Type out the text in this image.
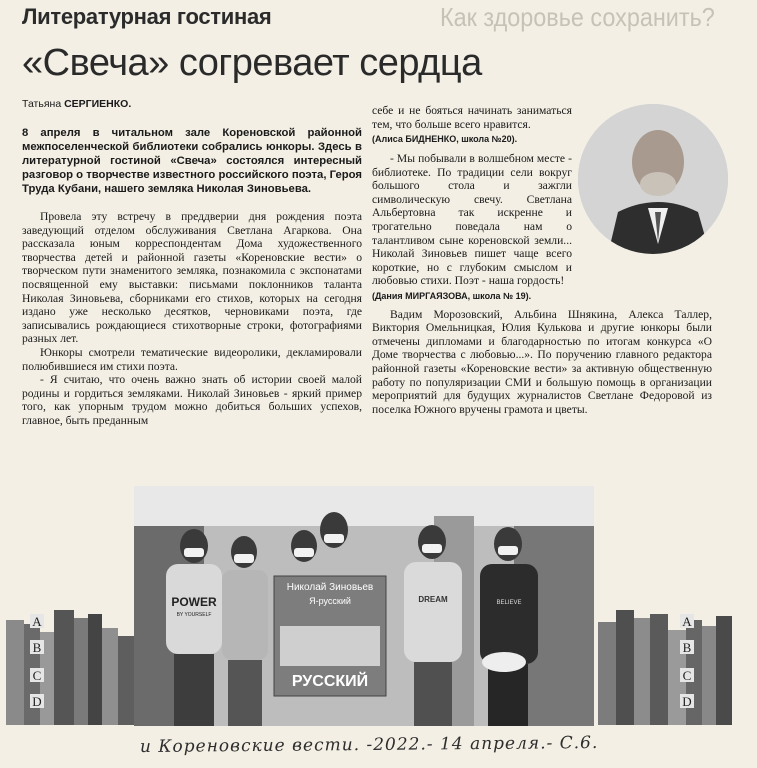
Литературная гостиная	Как здоровье сохранить?
«Свеча» согревает сердца
Татьяна СЕРГИЕНКО.

8 апреля в читальном зале Кореновской районной межпоселенческой библиотеки собрались юнкоры. Здесь в литературной гостиной «Свеча» состоялся интересный разговор о творчестве известного российского поэта, Героя Труда Кубани, нашего земляка Николая Зиновьева.

Провела эту встречу в преддверии дня рождения поэта заведующий отделом обслуживания Светлана Агаркова. Она рассказала юным корреспондентам Дома художественного творчества детей и районной газеты «Кореновские вести» о творческом пути знаменитого земляка, познакомила с экспонатами посвященной ему выставки: письмами поклонников таланта Николая Зиновьева, сборниками его стихов, которых на сегодня издано уже несколько десятков, черновиками поэта, где записывались рождающиеся стихотворные строки, фотографиями разных лет.

Юнкоры смотрели тематические видеоролики, декламировали полюбившиеся им стихи поэта.

- Я считаю, что очень важно знать об истории своей малой родины и гордиться земляками. Николай Зиновьев - яркий пример того, как упорным трудом можно добиться больших успехов, главное, быть преданным

себе и не бояться начинать заниматься тем, что больше всего нравится.

(Алиса БИДНЕНКО, школа №20).

- Мы побывали в волшебном месте - библиотеке. По традиции сели вокруг большого стола и зажгли символическую свечу. Светлана Альбертовна так искренне и трогательно поведала нам о талантливом сыне кореновской земли... Николай Зиновьев пишет чаще всего короткие, но с глубоким смыслом и любовью стихи. Поэт - наша гордость!

(Дания МИРГАЯЗОВА, школа № 19).

Вадим Морозовский, Альбина Шнякина, Алекса Таллер, Виктория Омельницкая, Юлия Кулькова и другие юнкоры были отмечены дипломами и благодарностью по итогам конкурса «О Доме творчества с любовью...». По поручению главного редактора районной газеты «Кореновские вести» за активную общественную работу по популяризации СМИ и большую помощь в организации мероприятий для будущих журналистов Светлане Федоровой из поселка Южного вручены грамота и цветы.

Николай Зиновьев
Я-русский
РУССКИЙ
POWER
BY YOURSELF
DREAM	BELIEVE
A
B
C
D
A
B
C
D
и Кореновские вести. -2022.- 14 апреля.- С.6.
